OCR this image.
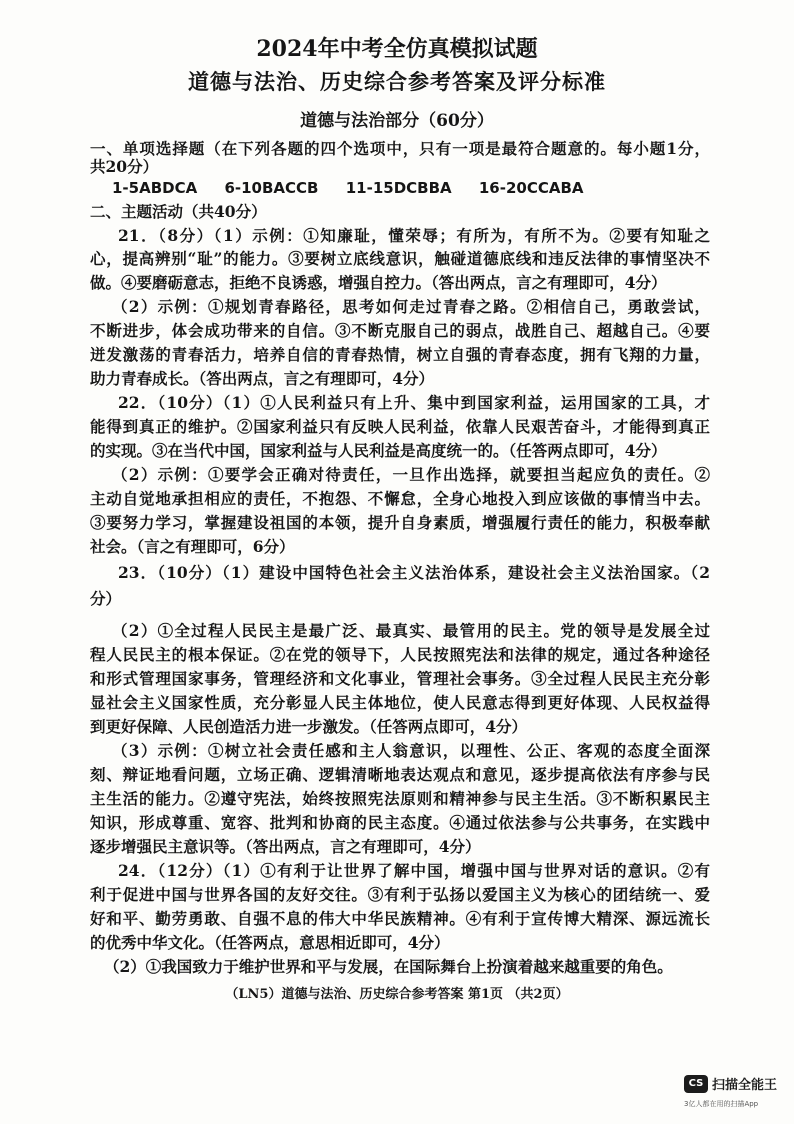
2024年中考全仿真模拟试题
道德与法治、历史综合参考答案及评分标准
道德与法治部分（60分）
1-5ABDCA 6-10BACCB 11-15DCBBA 16-20CCABA
一、单项选择题（在下列各题的四个选项中，只有一项是最符合题意的。每小题1分，
共20分）
二、主题活动（共40分）
21．（8分）（1）示例：①知廉耻，懂荣辱；有所为，有所不为。②要有知耻之
心，提高辨别“耻”的能力。③要树立底线意识，触碰道德底线和违反法律的事情坚决不
做。④要磨砺意志，拒绝不良诱惑，增强自控力。（答出两点，言之有理即可，4分）
（2）示例：①规划青春路径，思考如何走过青春之路。②相信自己，勇敢尝试，
不断进步，体会成功带来的自信。③不断克服自己的弱点，战胜自己、超越自己。④要
迸发激荡的青春活力，培养自信的青春热情，树立自强的青春态度，拥有飞翔的力量，
助力青春成长。（答出两点，言之有理即可，4分）
22．（10分）（1）①人民利益只有上升、集中到国家利益，运用国家的工具，才
能得到真正的维护。②国家利益只有反映人民利益，依靠人民艰苦奋斗，才能得到真正
的实现。③在当代中国，国家利益与人民利益是高度统一的。（任答两点即可，4分）
（2）示例：①要学会正确对待责任，一旦作出选择，就要担当起应负的责任。②
主动自觉地承担相应的责任，不抱怨、不懈怠，全身心地投入到应该做的事情当中去。
③要努力学习，掌握建设祖国的本领，提升自身素质，增强履行责任的能力，积极奉献
社会。（言之有理即可，6分）
23．（10分）（1）建设中国特色社会主义法治体系，建设社会主义法治国家。（2
分）
（2）①全过程人民民主是最广泛、最真实、最管用的民主。党的领导是发展全过
程人民民主的根本保证。②在党的领导下，人民按照宪法和法律的规定，通过各种途径
和形式管理国家事务，管理经济和文化事业，管理社会事务。③全过程人民民主充分彰
显社会主义国家性质，充分彰显人民主体地位，使人民意志得到更好体现、人民权益得
到更好保障、人民创造活力进一步激发。（任答两点即可，4分）
（3）示例：①树立社会责任感和主人翁意识，以理性、公正、客观的态度全面深
刻、辩证地看问题，立场正确、逻辑清晰地表达观点和意见，逐步提高依法有序参与民
主生活的能力。②遵守宪法，始终按照宪法原则和精神参与民主生活。③不断积累民主
知识，形成尊重、宽容、批判和协商的民主态度。④通过依法参与公共事务，在实践中
逐步增强民主意识等。（答出两点，言之有理即可，4分）
24．（12分）（1）①有利于让世界了解中国，增强中国与世界对话的意识。②有
利于促进中国与世界各国的友好交往。③有利于弘扬以爱国主义为核心的团结统一、爱
好和平、勤劳勇敢、自强不息的伟大中华民族精神。④有利于宣传博大精深、源远流长
的优秀中华文化。（任答两点，意思相近即可，4分）
（2）①我国致力于维护世界和平与发展，在国际舞台上扮演着越来越重要的角色。
（LN5）道德与法治、历史综合参考答案 第1页 （共2页）
CS 扫描全能王
3亿人都在用的扫描App
